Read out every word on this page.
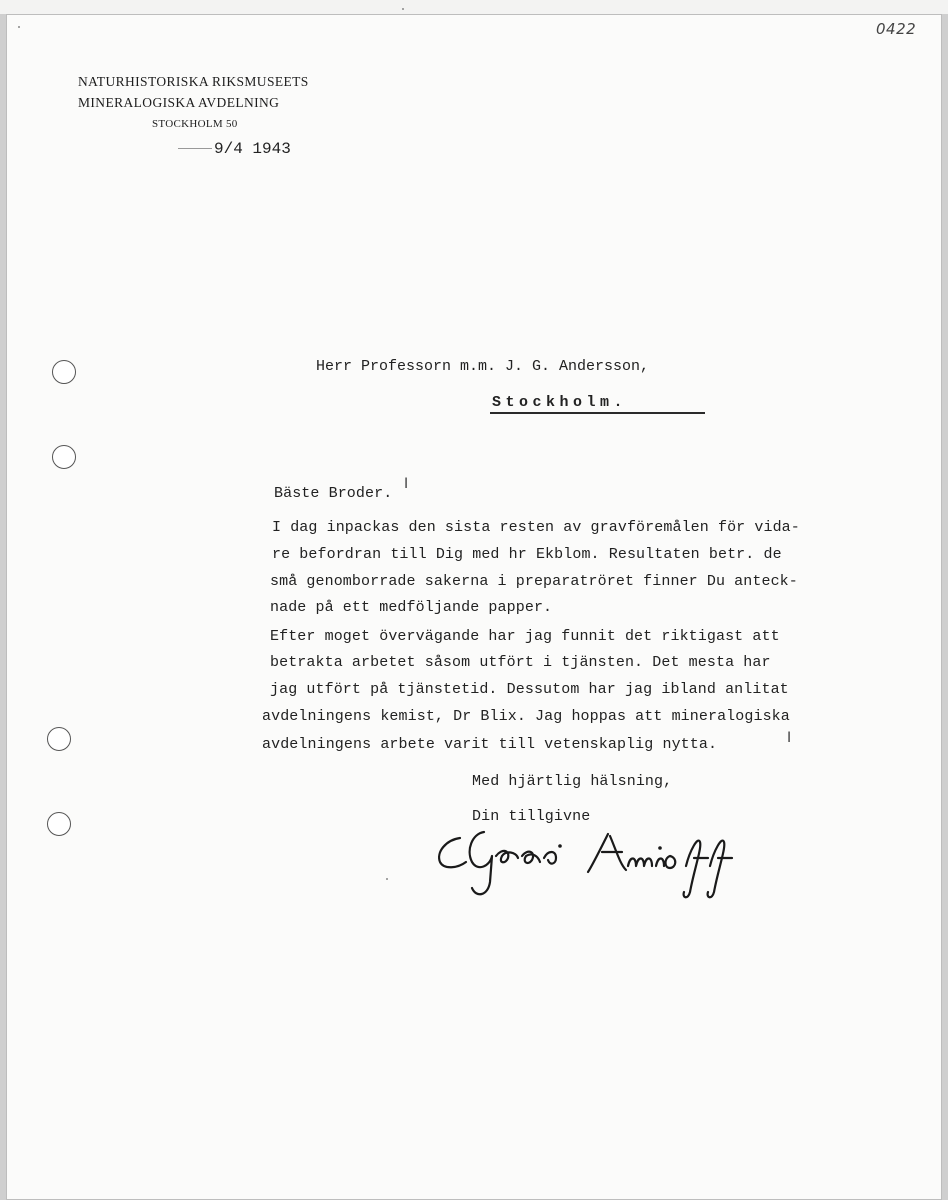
0422
NATURHISTORISKA RIKSMUSEETS
MINERALOGISKA AVDELNING
STOCKHOLM 50
9/4 1943
Herr Professorn m.m. J. G. Andersson,
Stockholm.
Bäste Broder.
ǀ
I dag inpackas den sista resten av gravföremålen för vida-
re befordran till Dig med hr Ekblom. Resultaten betr. de
små genomborrade sakerna i preparatröret finner Du anteck-
nade på ett medföljande papper.
Efter moget övervägande har jag funnit det riktigast att
betrakta arbetet såsom utfört i tjänsten. Det mesta har
jag utfört på tjänstetid. Dessutom har jag ibland anlitat
avdelningens kemist, Dr Blix. Jag hoppas att mineralogiska
avdelningens arbete varit till vetenskaplig nytta.	ǀ
Med hjärtlig hälsning,
Din tillgivne
